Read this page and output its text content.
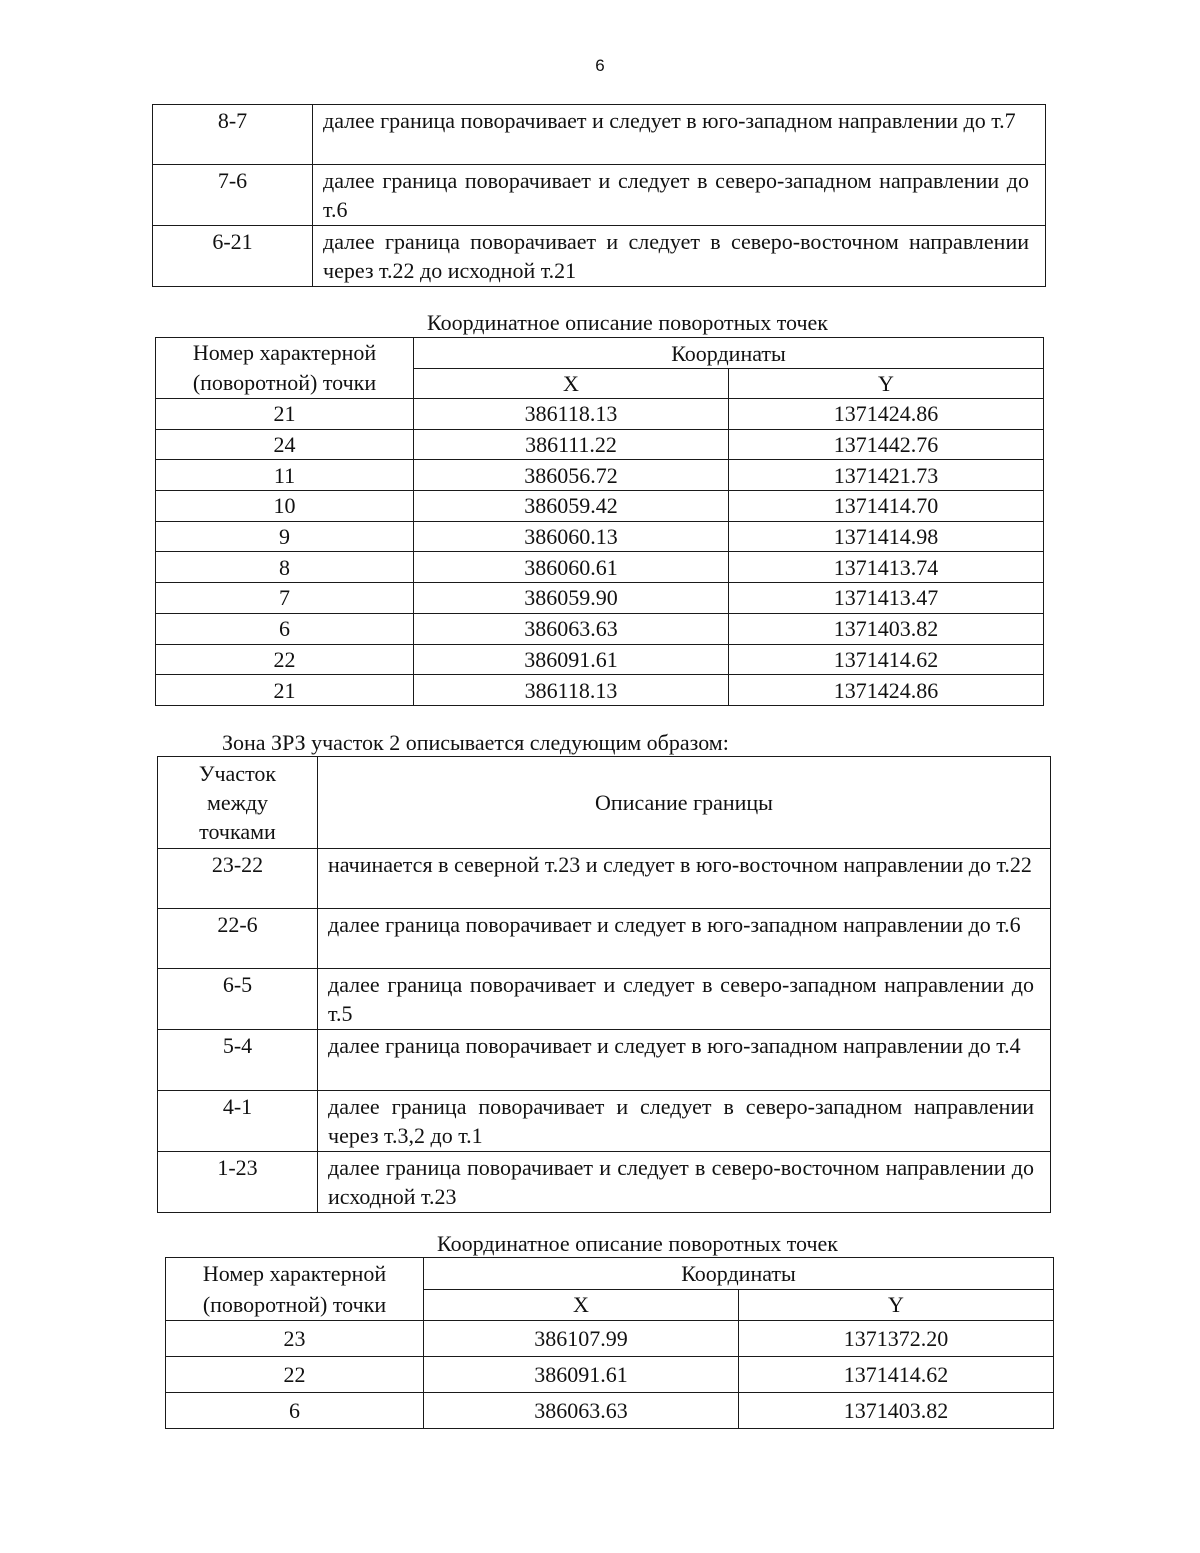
6
8-7	далее граница поворачивает и следует в юго-западном направлении до т.7
7-6	далее граница поворачивает и следует в северо-западном направлении до т.6
6-21	далее граница поворачивает и следует в северо-восточном направлении через т.22 до исходной т.21
Координатное описание поворотных точек
Номер характерной (поворотной) точки	Координаты	
	X	Y
21	386118.13	1371424.86
24	386111.22	1371442.76
11	386056.72	1371421.73
10	386059.42	1371414.70
9	386060.13	1371414.98
8	386060.61	1371413.74
7	386059.90	1371413.47
6	386063.63	1371403.82
22	386091.61	1371414.62
21	386118.13	1371424.86
Зона ЗРЗ участок 2 описывается следующим образом:
Участок между точками	Описание границы
23-22	начинается в северной т.23 и следует в юго-восточном направлении до т.22
22-6	далее граница поворачивает и следует в юго-западном направлении до т.6
6-5	далее граница поворачивает и следует в северо-западном направлении до т.5
5-4	далее граница поворачивает и следует в юго-западном направлении до т.4
4-1	далее граница поворачивает и следует в северо-западном направлении через т.3,2 до т.1
1-23	далее граница поворачивает и следует в северо-восточном направлении до исходной т.23
Координатное описание поворотных точек
Номер характерной (поворотной) точки	Координаты	
	X	Y
23	386107.99	1371372.20
22	386091.61	1371414.62
6	386063.63	1371403.82
